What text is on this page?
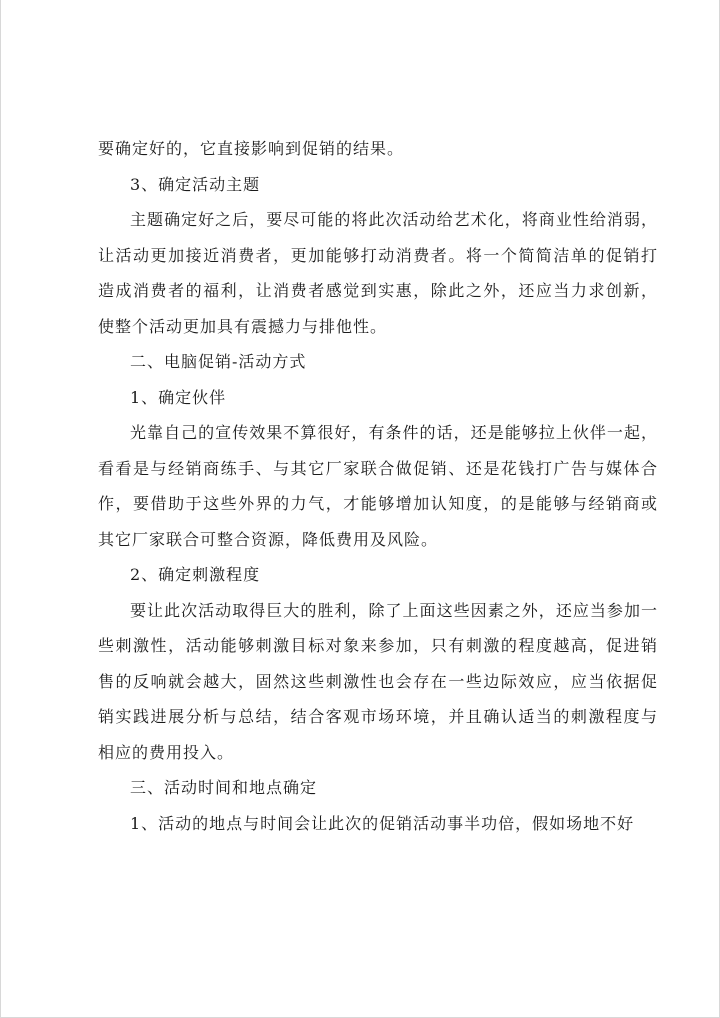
要确定好的，它直接影响到促销的结果。

3、确定活动主题

主题确定好之后，要尽可能的将此次活动给艺术化，将商业性给消弱，让活动更加接近消费者，更加能够打动消费者。将一个简简洁单的促销打造成消费者的福利，让消费者感觉到实惠，除此之外，还应当力求创新，使整个活动更加具有震撼力与排他性。

二、电脑促销-活动方式

1、确定伙伴

光靠自己的宣传效果不算很好，有条件的话，还是能够拉上伙伴一起，看看是与经销商练手、与其它厂家联合做促销、还是花钱打广告与媒体合作，要借助于这些外界的力气，才能够增加认知度，的是能够与经销商或其它厂家联合可整合资源，降低费用及风险。

2、确定刺激程度

要让此次活动取得巨大的胜利，除了上面这些因素之外，还应当参加一些刺激性，活动能够刺激目标对象来参加，只有刺激的程度越高，促进销售的反响就会越大，固然这些刺激性也会存在一些边际效应，应当依据促销实践进展分析与总结，结合客观市场环境，并且确认适当的刺激程度与相应的费用投入。

三、活动时间和地点确定

1、活动的地点与时间会让此次的促销活动事半功倍，假如场地不好
